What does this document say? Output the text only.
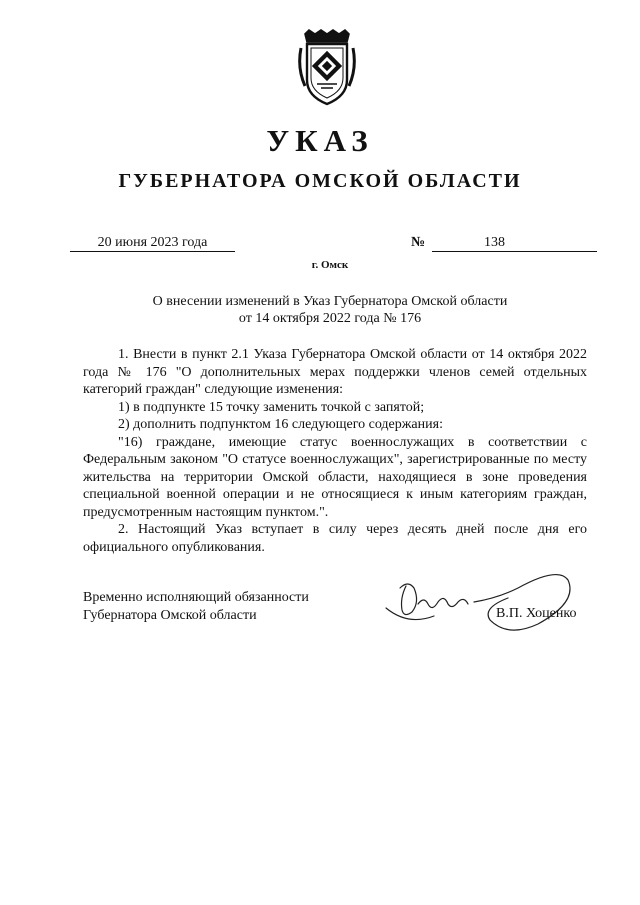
УКАЗ
ГУБЕРНАТОРА ОМСКОЙ ОБЛАСТИ
20 июня 2023 года	№	138
г. Омск
О внесении изменений в Указ Губернатора Омской области
от 14 октября 2022 года № 176

1. Внести в пункт 2.1 Указа Губернатора Омской области от 14 октября 2022 года № 176 "О дополнительных мерах поддержки членов семей отдельных категорий граждан" следующие изменения:

1) в подпункте 15 точку заменить точкой с запятой;

2) дополнить подпунктом 16 следующего содержания:

"16) граждане, имеющие статус военнослужащих в соответствии с Федеральным законом "О статусе военнослужащих", зарегистрированные по месту жительства на территории Омской области, находящиеся в зоне проведения специальной военной операции и не относящиеся к иным категориям граждан, предусмотренным настоящим пунктом.".

2. Настоящий Указ вступает в силу через десять дней после дня его официального опубликования.

Временно исполняющий обязанности
Губернатора Омской области	В.П. Хоценко
